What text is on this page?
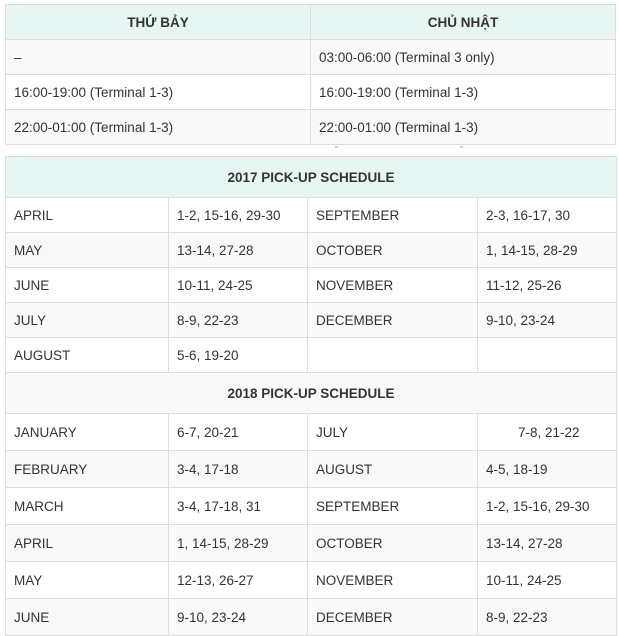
THỨ BẢY	CHỦ NHẬT
–	03:00-06:00 (Terminal 3 only)
16:00-19:00 (Terminal 1-3)	16:00-19:00 (Terminal 1-3)
22:00-01:00 (Terminal 1-3)	22:00-01:00 (Terminal 1-3)
2017 PICK-UP SCHEDULE			
APRIL	1-2, 15-16, 29-30	SEPTEMBER	2-3, 16-17, 30
MAY	13-14, 27-28	OCTOBER	1, 14-15, 28-29
JUNE	10-11, 24-25	NOVEMBER	11-12, 25-26
JULY	8-9, 22-23	DECEMBER	9-10, 23-24
AUGUST	5-6, 19-20		
2018 PICK-UP SCHEDULE			
JANUARY	6-7, 20-21	JULY	7-8, 21-22
FEBRUARY	3-4, 17-18	AUGUST	4-5, 18-19
MARCH	3-4, 17-18, 31	SEPTEMBER	1-2, 15-16, 29-30
APRIL	1, 14-15, 28-29	OCTOBER	13-14, 27-28
MAY	12-13, 26-27	NOVEMBER	10-11, 24-25
JUNE	9-10, 23-24	DECEMBER	8-9, 22-23
